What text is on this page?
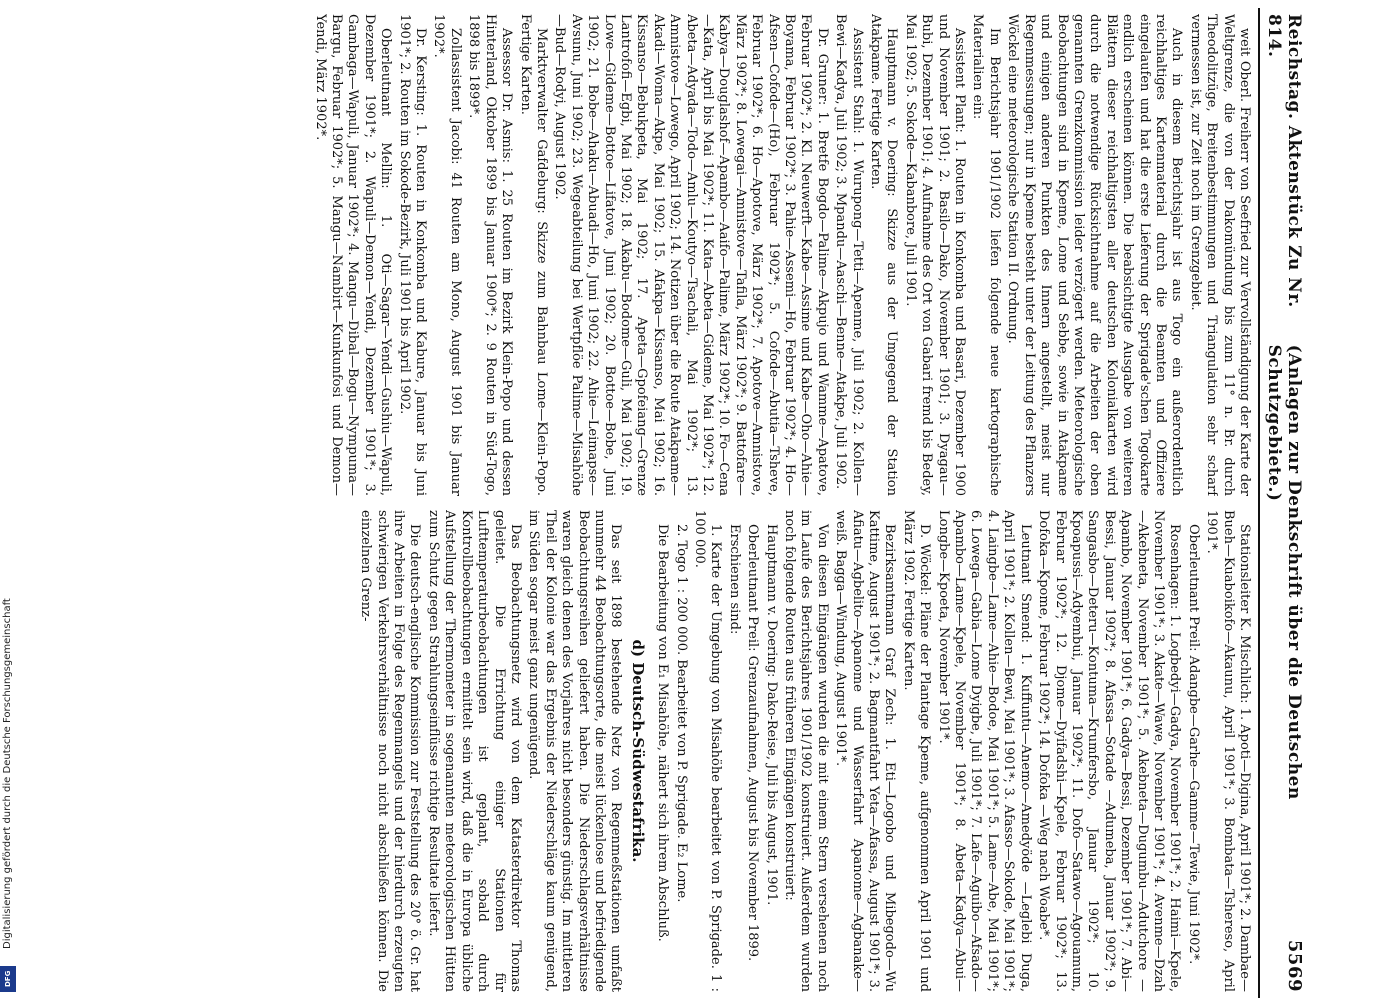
Reichstag. Aktenstück Zu Nr. 814.
(Anlagen zur Denkschrift über die Deutschen Schutzgebiete.)
5569

weit Oberl. Freiherr von Seefried zur Vervollständigung der Karte der Weltgrenze, die von der Dakomündung bis zum 11° n. Br. durch Theodolitzüge, Breitenbestimmungen und Triangulation sehr scharf vermessen ist, zur Zeit noch im Grenzgebiet.

Auch in diesem Berichtsjahr ist aus Togo ein außerordentlich reichhaltiges Kartenmaterial durch die Beamten und Offiziere eingelaufen und hat die erste Lieferung der Sprigade'schen Togokarte endlich erscheinen können. Die beabsichtigte Ausgabe von weiteren Blättern dieser reichhaltigsten aller deutschen Kolonialkarten wird durch die notwendige Rücksichtnahme auf die Arbeiten der oben genannten Grenzkommission leider verzögert werden. Meteorologische Beobachtungen sind in Kpeme, Lome und Sebbe, sowie in Atakpame und einigen anderen Punkten des Innern angestellt, meist nur Regenmessungen; nur in Kpeme besteht unter der Leitung des Pflanzers Wöckel eine meteorologische Station II. Ordnung.

Im Berichtsjahr 1901/1902 liefen folgende neue kartographische Materialien ein:

Assistent Plant: 1. Routen in Konkomba und Basari, Dezember 1900 und November 1901; 2. Basilo—Dako, November 1901; 3. Dyagau—Bubi, Dezember 1901; 4. Aufnahme des Ort von Gabari fremd bis Bedey, Mai 1902; 5. Sokode—Kabanbore, Juli 1901.

Hauptmann v. Doering: Skizze aus der Umgegend der Station Atakpame. Fertige Karten.

Assistent Stahl: 1. Wurupong—Tetti—Apenme, Juli 1902; 2. Kollen—Bewi—Kadya, Juli 1902; 3. Mpandu—Aaschi—Benne—Atakpe, Juli 1902.

Dr. Gruner: 1. Bretfe Bogdo—Palime—Akpujo und Wamme—Apatove, Februar 1902*; 2. Kl. Neuwerft—Kabe—Assime und Kabe—Oho—Ahie—Boyama, Februar 1902*; 3. Pahie—Assemi—Ho, Februar 1902*; 4. Ho—Afsen—Cofode—(Ho), Februar 1902*; 5. Cofode—Abutia—Tsheve, Februar 1902*; 6. Ho—Apotove, März 1902*; 7. Apotove—Amnistove, März 1902*; 8. Lowegai—Amnistove—Tafila, März 1902*; 9. Battofare—Kabya—Douglashof—Apambo—Aaifo—Palime, März 1902*; 10. Fo—Cena—Kata, April bis Mai 1902*; 11. Kata—Abeta—Gideme, Mai 1902*; 12. Abeta—Adyada—Todo—Amlu—Koutyo—Tsachali, Mai 1902*; 13. Amnistove—Lowego, April 1902; 14. Notizen über die Route Atakpame—Akadi—Woma—Akpe, Mai 1902; 15. Afakpa—Kissanso, Mai 1902; 16. Kissanso—Bebukpeta, Mai 1902; 17. Apeta—Gpofeiang—Grenze Lantrofofi—Egbi, Mai 1902; 18. Akabu—Bodome—Guli, Mai 1902; 19. Lowe—Gideme—Bottoe—Lifatove, Juni 1902; 20. Bottoe—Bobe, Juni 1902; 21. Bobe—Ahaku—Abuadi—Ho, Juni 1902; 22. Ahie—Leimapse—Avsunu, Juni 1902; 23. Wegeabteilung bei Wertpflöe Palime—Misahöhe—Bud—Rodyi, August 1902.

Marktverwalter Gafdeburg: Skizze zum Bahnbau Lome—Klein-Popo. Fertige Karten.

Assessor Dr. Asmis: 1. 25 Routen im Bezirk Klein-Popo und dessen Hinterland, Oktober 1899 bis Januar 1900*; 2. 9 Routen in Süd-Togo, 1898 bis 1899*.

Zollassistent Jacobi: 41 Routen am Mono, August 1901 bis Januar 1902*.

Dr. Kersting: 1. Routen in Konkomba und Kabure, Januar bis Juni 1901*; 2. Routen im Sokode-Bezirk, Juli 1901 bis April 1902.

Oberleutnant Mellin: 1. Oti—Sagar—Yendi—Gushiu—Wapuli, Dezember 1901*; 2. Wapuli—Demon—Yendi, Dezember 1901*; 3. Gambaga—Wapuli, Januar 1902*; 4. Mangu—Dibal—Bogu—Nympuma—Bargu, Februar 1902*; 5. Mangu—Nambirt—Kunkunfosi und Demon—Yendi, März 1902*.

Stationsleiter K. Mischlich: 1. Apoti—Digina, April 1901*; 2. Dambae—Bueh—Kuaboikofo—Akaunu, April 1901*; 3. Bombata—Tshereso, April 1901*.

Oberleutnant Preil: Adangbe—Garhe—Gamme—Tewie, Juni 1902*.

Rosenhagen: 1. Logbedyi—Gadya, November 1901*; 2. Haimi—Kpele, November 1901*; 3. Akate—Wawe, November 1901*; 4. Avenme—Dzah—Akebneta, November 1901*; 5. Akebneta—Dugumbu—Adutchore —Apambo, November 1901*; 6. Gadya—Bessi, Dezember 1901*; 7. Abi—Bessi, Januar 1902*; 8. Afassa—Sotade —Adumeba, Januar 1902*; 9. Sangasbo—Deteru—Kontuma—Krumfersbo, Januar 1902*; 10. Kpoapussi—Adyembui, Januar 1902*; 11. Dofo—Satawo—Agouamum, Februar 1902*; 12. Djome—Dyifadshi—Kpele, Februar 1902*; 13. Dofoka—Kpome, Februar 1902*; 14. Dofoka —Weg nach Woabe*.

Leutnant Smend: 1. Kuffuntu—Anemo—Amedyöde —Leglebi Duga, April 1901*; 2. Kollen—Bewi, Mai 1901*; 3. Afasso—Sokode, Mai 1901*; 4. Laingbe—Lame—Ahie—Bodoe, Mai 1901*; 5. Lame—Abe, Mai 1901*; 6. Lowega—Gabia—Lome Dyigbe, Juli 1901*; 7. Lafe—Aguibo—Afsado—Apambo—Lame—Kpele, November 1901*; 8. Abeta—Kadya—Abui—Longbe—Kpoeta, November 1901*.

D. Wöckel: Pläne der Plantage Kpeme, aufgenommen April 1901 und März 1902. Fertige Karten.

Bezirksamtmann Graf Zech: 1. Eti—Logobo und Mibegodo—Wu Kattime, August 1901*; 2. Bagmantfahrt Yeta—Afassa, August 1901*; 3. Afiatu—Agbelito—Apanome und Wasserfahrt Apanome—Agbanake—weiß. Bagga—Windung, August 1901*.

Von diesen Eingängen wurden die mit einem Stern versehenen noch im Laufe des Berichtsjahres 1901/1902 konstruiert. Außerdem wurden noch folgende Routen aus früheren Eingängen konstruiert:

Hauptmann v. Doering: Dako-Reise, Juli bis August, 1901.

Oberleutnant Preil: Grenzaufnahmen, August bis November 1899.

Erschienen sind:

1. Karte der Umgebung von Misahöhe bearbeitet von P. Sprigade. 1 : 100 000.

2. Togo 1 : 200 000. Bearbeitet von P. Sprigade. E₂ Lome.

Die Bearbeitung von E₁ Misahöhe, nähert sich ihrem Abschluß.

d) Deutsch-Südwestafrika.

Das seit 1898 bestehende Netz von Regenmeßstationen umfaßt nunmehr 44 Beobachtungsorte, die meist lückenlose und befriedigende Beobachtungsreihen geliefert haben. Die Niederschlagsverhältnisse waren gleich denen des Vorjahres nicht besonders günstig. Im mittleren Theil der Kolonie war das Ergebnis der Niederschläge kaum genügend, im Süden sogar meist ganz ungenügend.

Das Beobachtungsnetz wird von dem Katasterdirektor Thomas geleitet. Die Errichtung einiger Stationen für Lufttemperaturbeobachtungen ist geplant, sobald durch Kontrollbeobachtungen ermittelt sein wird, daß die in Europa übliche Aufstellung der Thermometer in sogenannten meteorologischen Hütten zum Schutz gegen Strahlungseinflüsse richtige Resultate liefert.

Die deutsch-englische Kommission zur Feststellung des 20° ö. Gr. hat ihre Arbeiten in Folge des Regenmangels und der hierdurch erzeugten schwierigen Verkehrsverhältnisse noch nicht abschließen können. Die einzelnen Grenz-

Digitalisierung gefördert durch die Deutsche Forschungsgemeinschaft
DFG
